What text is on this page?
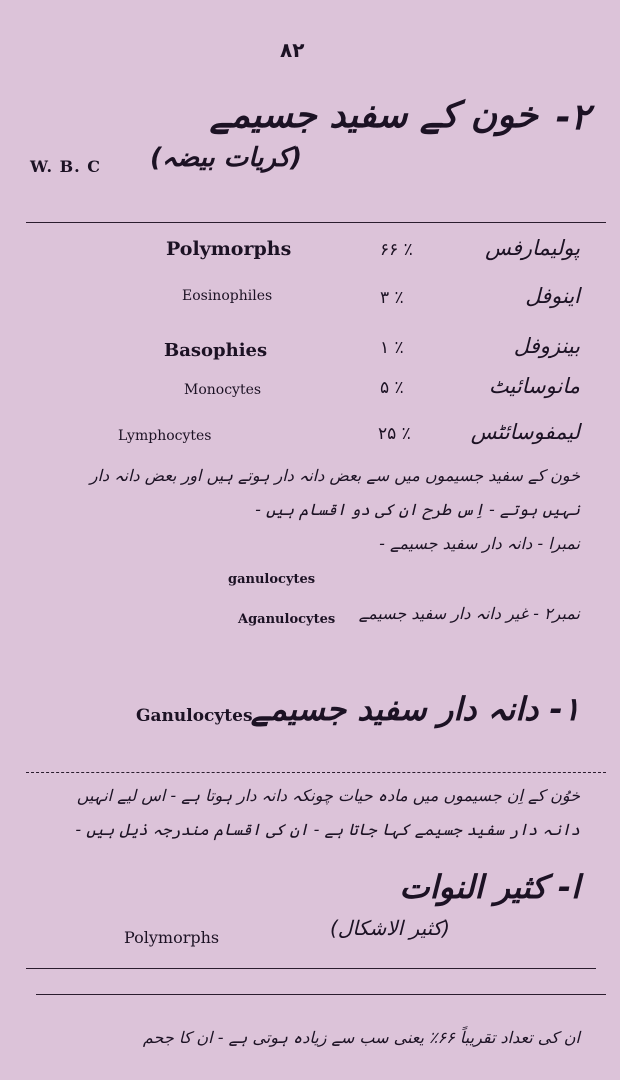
۸۲
W. B. C
۲-
خون کے سفید جسیمے
(کریات بیضہ)
Polymorphs	۶۶ ٪	پولیمارفس
Eosinophiles	۳ ٪	اینوفل
Basophies	۱ ٪	بینزوفل
Monocytes	۵ ٪	مانوسائیٹ
Lymphocytes	۲۵ ٪	لیمفوسائٹس
خون کے سفید جسیموں میں سے بعض دانہ دار ہوتے ہیں اور بعض دانہ دار
نہیں ہوتے - اِس طرح ان کی دو اقسام ہیں -
ganulocytes
نمبرا - دانہ دار سفید جسیمے -
Aganulocytes نمبر۲ - غیر دانہ دار سفید جسیمے
Ganulocytes
۱- دانہ دار سفید جسیمے
خوُن کے اِن جسیموں میں مادہ حیات چونکہ دانہ دار ہوتا ہے - اس لیے انہیں
دانہ دار سفید جسیمے کہا جاتا ہے - ان کی اقسام مندرجہ ذیل ہیں -
Polymorphs
ا- کثیر النوات
(کثیر الاشکال)
ان کی تعداد تقریباً ۶۶٪ یعنی سب سے زیادہ ہوتی ہے - ان کا جحم
